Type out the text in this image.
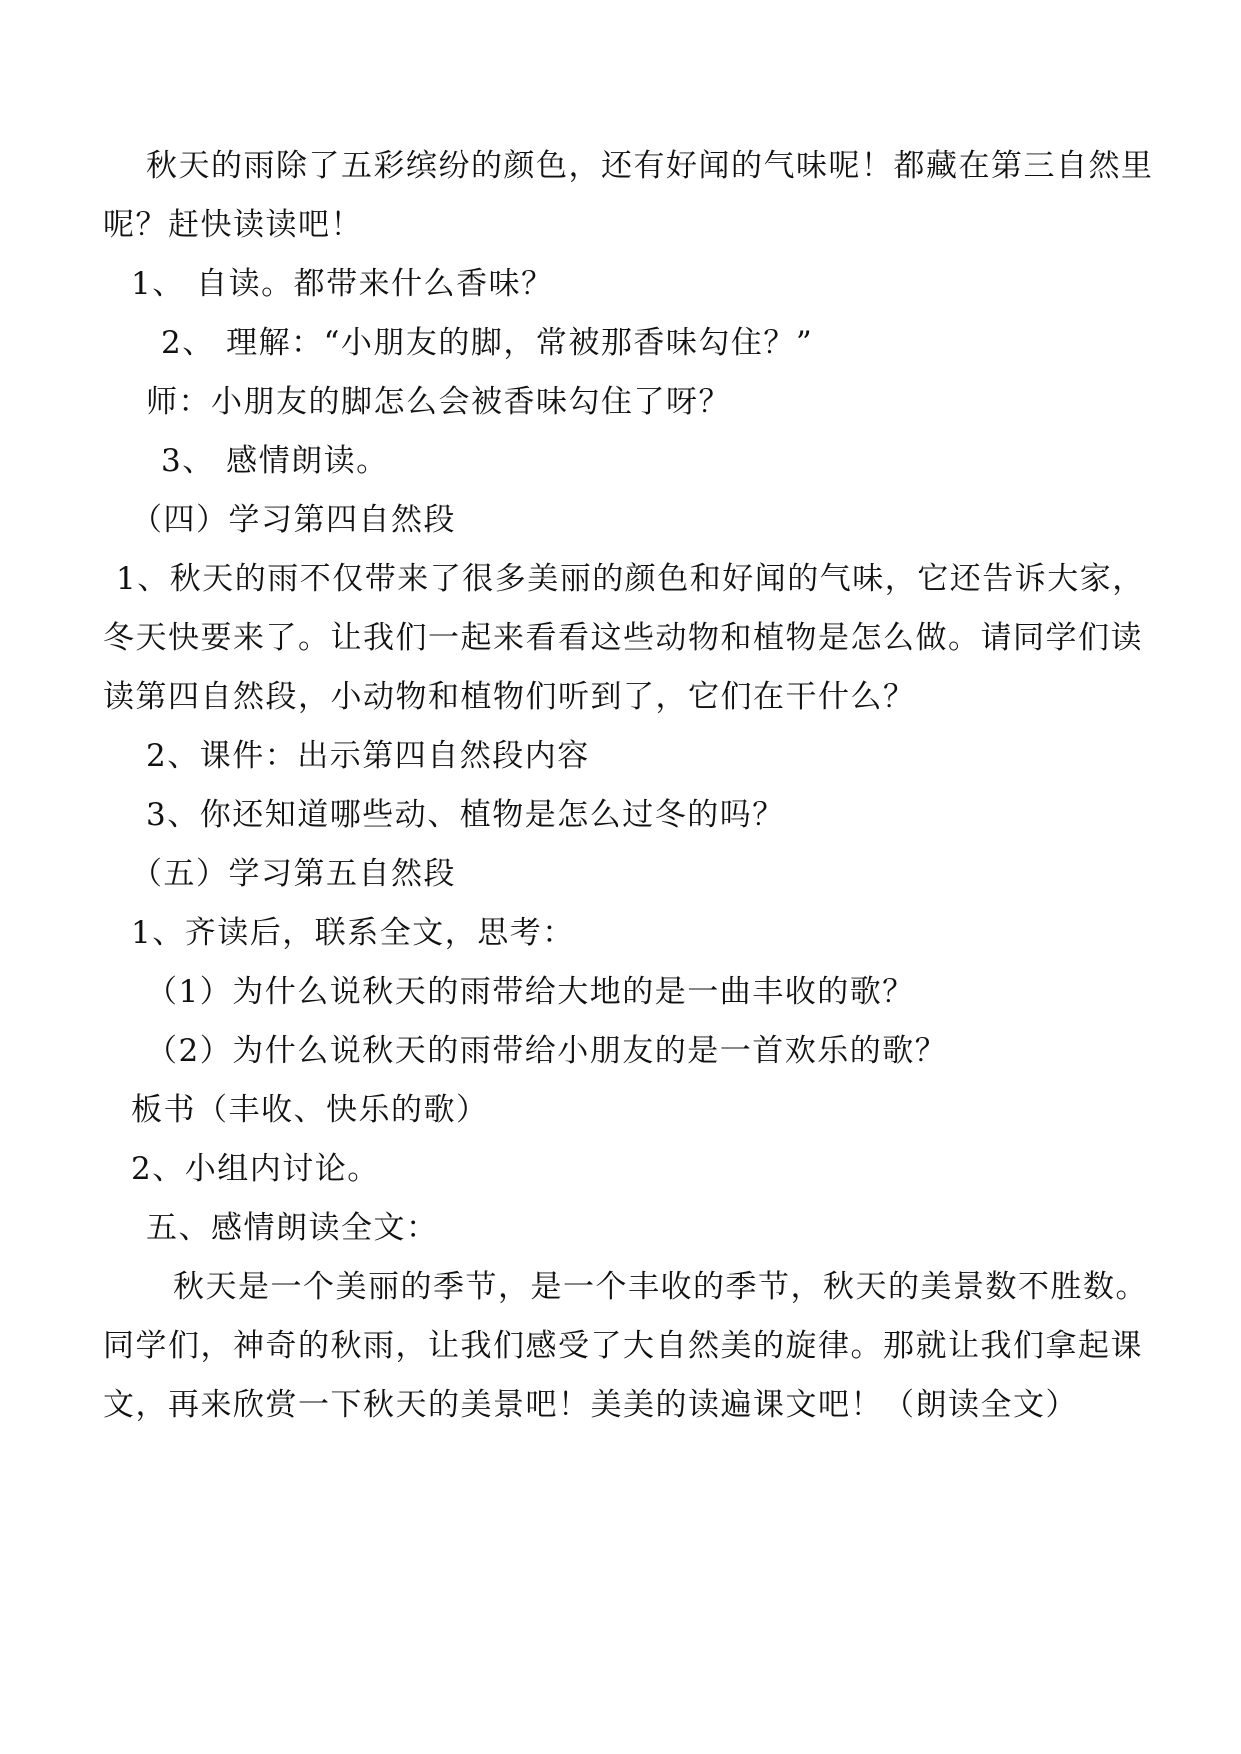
秋天的雨除了五彩缤纷的颜色，还有好闻的气味呢！都藏在第三自然里
呢？赶快读读吧！
1、 自读。都带来什么香味？
2、 理解：“小朋友的脚，常被那香味勾住？”
师：小朋友的脚怎么会被香味勾住了呀？
3、 感情朗读。
（四）学习第四自然段
1、秋天的雨不仅带来了很多美丽的颜色和好闻的气味，它还告诉大家，
冬天快要来了。让我们一起来看看这些动物和植物是怎么做。请同学们读
读第四自然段，小动物和植物们听到了，它们在干什么？
2、课件：出示第四自然段内容
3、你还知道哪些动、植物是怎么过冬的吗？
（五）学习第五自然段
1、齐读后，联系全文，思考：
（1）为什么说秋天的雨带给大地的是一曲丰收的歌？
（2）为什么说秋天的雨带给小朋友的是一首欢乐的歌？
板书（丰收、快乐的歌）
2、小组内讨论。
五、感情朗读全文：
秋天是一个美丽的季节，是一个丰收的季节，秋天的美景数不胜数。
同学们，神奇的秋雨，让我们感受了大自然美的旋律。那就让我们拿起课
文，再来欣赏一下秋天的美景吧！美美的读遍课文吧！（朗读全文）
